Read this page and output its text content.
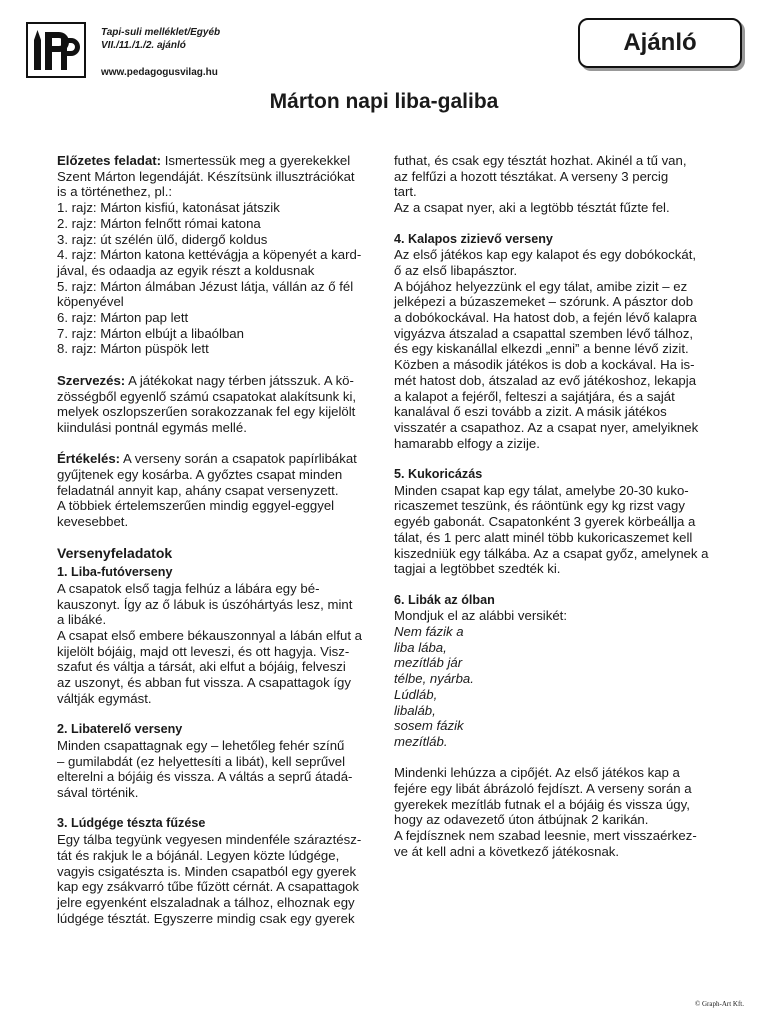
Tapi-suli melléklet/Egyéb
VII./11./1./2. ajánló
www.pedagogusvilag.hu
Ajánló
Márton napi liba-galiba

Előzetes feladat: Ismertessük meg a gyerekekkel

Szent Márton legendáját. Készítsünk illusztrációkat

is a történethez, pl.:

1. rajz: Márton kisfiú, katonásat játszik

2. rajz: Márton felnőtt római katona

3. rajz: út szélén ülő, didergő koldus

4. rajz: Márton katona kettévágja a köpenyét a kard-

jával, és odaadja az egyik részt a koldusnak

5. rajz: Márton álmában Jézust látja, vállán az ő fél

köpenyével

6. rajz: Márton pap lett

7. rajz: Márton elbújt a libaólban

8. rajz: Márton püspök lett

Szervezés: A játékokat nagy térben játsszuk. A kö-

zösségből egyenlő számú csapatokat alakítsunk ki,

melyek oszlopszerűen sorakozzanak fel egy kijelölt

kiindulási pontnál egymás mellé.

Értékelés: A verseny során a csapatok papírlibákat

gyűjtenek egy kosárba. A győztes csapat minden

feladatnál annyit kap, ahány csapat versenyzett.

A többiek értelemszerűen mindig eggyel-eggyel

kevesebbet.

Versenyfeladatok

1. Liba-futóverseny

A csapatok első tagja felhúz a lábára egy bé-

kauszonyt. Így az ő lábuk is úszóhártyás lesz, mint

a libáké.

A csapat első embere békauszonnyal a lábán elfut a

kijelölt bójáig, majd ott leveszi, és ott hagyja. Visz-

szafut és váltja a társát, aki elfut a bójáig, felveszi

az uszonyt, és abban fut vissza. A csapattagok így

váltják egymást.

2. Libaterelő verseny

Minden csapattagnak egy – lehetőleg fehér színű

– gumilabdát (ez helyettesíti a libát), kell seprűvel

elterelni a bójáig és vissza. A váltás a seprű átadá-

sával történik.

3. Lúdgége tészta fűzése

Egy tálba tegyünk vegyesen mindenféle száraztész-

tát és rakjuk le a bójánál. Legyen közte lúdgége,

vagyis csigatészta is. Minden csapatból egy gyerek

kap egy zsákvarró tűbe fűzött cérnát. A csapattagok

jelre egyenként elszaladnak a tálhoz, elhoznak egy

lúdgége tésztát. Egyszerre mindig csak egy gyerek

futhat, és csak egy tésztát hozhat. Akinél a tű van,

az felfűzi a hozott tésztákat. A verseny 3 percig

tart.

Az a csapat nyer, aki a legtöbb tésztát fűzte fel.

4. Kalapos zizievő verseny

Az első játékos kap egy kalapot és egy dobókockát,

ő az első libapásztor.

A bójához helyezzünk el egy tálat, amibe zizit – ez

jelképezi a búzaszemeket – szórunk. A pásztor dob

a dobókockával. Ha hatost dob, a fején lévő kalapra

vigyázva átszalad a csapattal szemben lévő tálhoz,

és egy kiskanállal elkezdi „enni” a benne lévő zizit.

Közben a második játékos is dob a kockával. Ha is-

mét hatost dob, átszalad az evő játékoshoz, lekapja

a kalapot a fejéről, felteszi a sajátjára, és a saját

kanalával ő eszi tovább a zizit. A másik játékos

visszatér a csapathoz. Az a csapat nyer, amelyiknek

hamarabb elfogy a zizije.

5. Kukoricázás

Minden csapat kap egy tálat, amelybe 20-30 kuko-

ricaszemet teszünk, és ráöntünk egy kg rizst vagy

egyéb gabonát. Csapatonként 3 gyerek körbeállja a

tálat, és 1 perc alatt minél több kukoricaszemet kell

kiszedniük egy tálkába. Az a csapat győz, amelynek a

tagjai a legtöbbet szedték ki.

6. Libák az ólban

Mondjuk el az alábbi versikét:

Nem fázik a

liba lába,

mezítláb jár

télbe, nyárba.

Lúdláb,

libaláb,

sosem fázik

mezítláb.

Mindenki lehúzza a cipőjét. Az első játékos kap a

fejére egy libát ábrázoló fejdíszt. A verseny során a

gyerekek mezítláb futnak el a bójáig és vissza úgy,

hogy az odavezető úton átbújnak 2 karikán.

A fejdísznek nem szabad leesnie, mert visszaérkez-

ve át kell adni a következő játékosnak.

© Graph-Art Kft.
